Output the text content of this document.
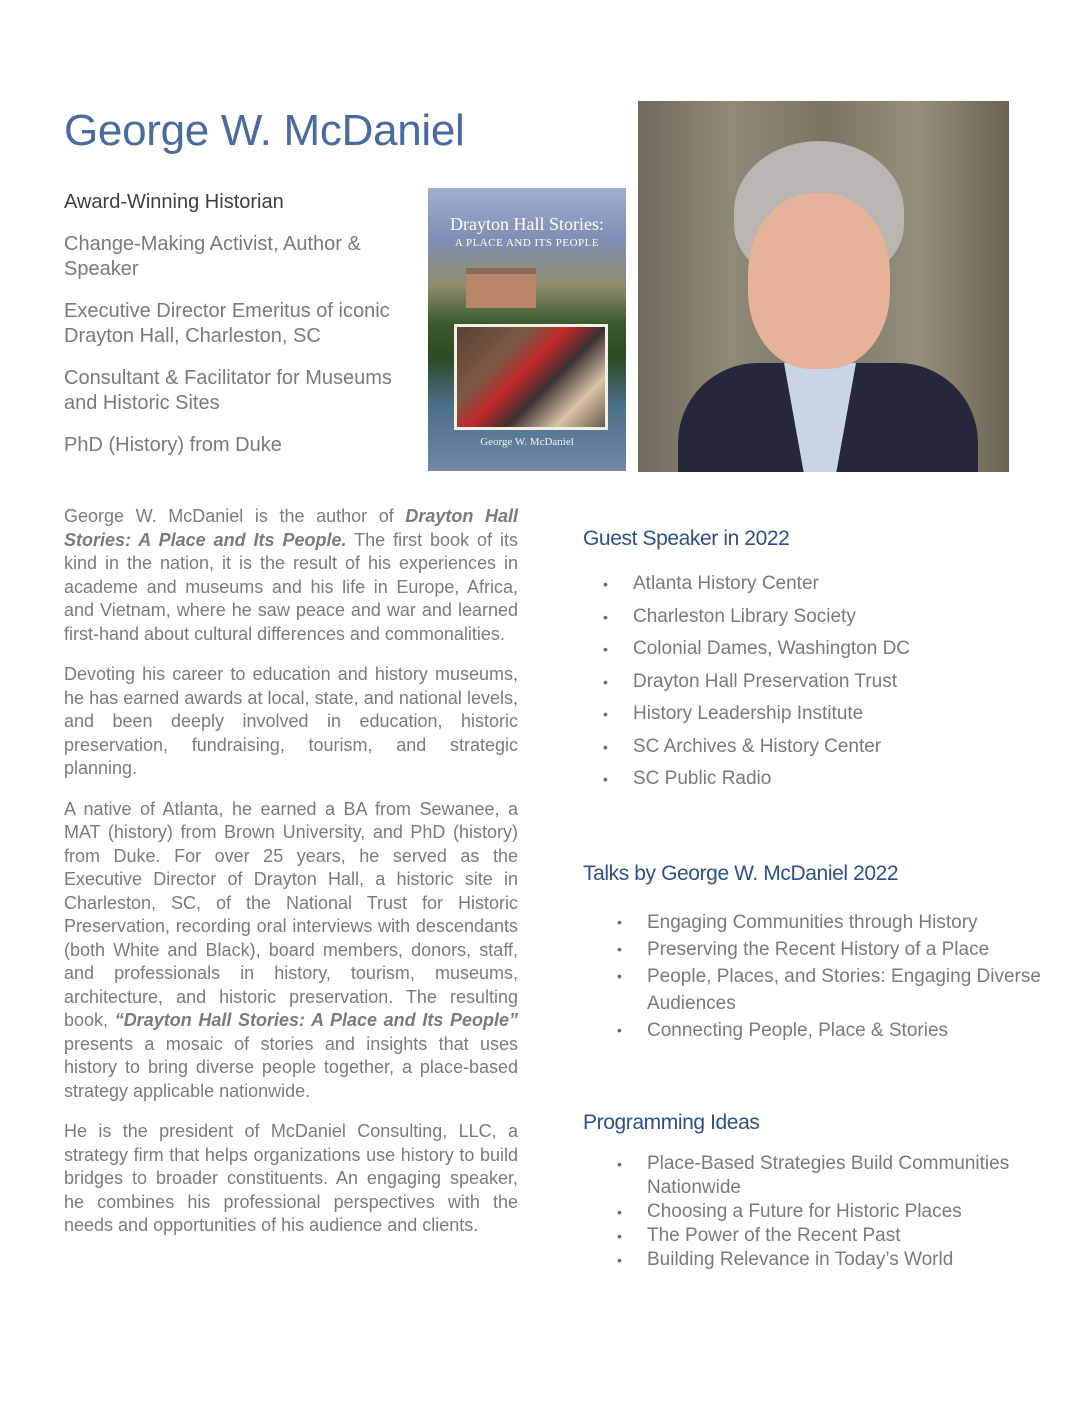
George W. McDaniel

Award-Winning Historian

Change-Making Activist, Author & Speaker

Executive Director Emeritus of iconic Drayton Hall, Charleston, SC

Consultant & Facilitator for Museums and Historic Sites

PhD (History) from Duke

Drayton Hall Stories:
A PLACE AND ITS PEOPLE
George W. McDaniel

George W. McDaniel is the author of Drayton Hall Stories: A Place and Its People. The first book of its kind in the nation, it is the result of his experiences in academe and museums and his life in Europe, Africa, and Vietnam, where he saw peace and war and learned first-hand about cultural differences and commonalities.

Devoting his career to education and history museums, he has earned awards at local, state, and national levels, and been deeply involved in education, historic preservation, fundraising, tourism, and strategic planning.

A native of Atlanta, he earned a BA from Sewanee, a MAT (history) from Brown University, and PhD (history) from Duke. For over 25 years, he served as the Executive Director of Drayton Hall, a historic site in Charleston, SC, of the National Trust for Historic Preservation, recording oral interviews with descendants (both White and Black), board members, donors, staff, and professionals in history, tourism, museums, architecture, and historic preservation. The resulting book, “Drayton Hall Stories: A Place and Its People” presents a mosaic of stories and insights that uses history to bring diverse people together, a place-based strategy applicable nationwide.

He is the president of McDaniel Consulting, LLC, a strategy firm that helps organizations use history to build bridges to broader constituents. An engaging speaker, he combines his professional perspectives with the needs and opportunities of his audience and clients.

Guest Speaker in 2022
• Atlanta History Center
• Charleston Library Society
• Colonial Dames, Washington DC
• Drayton Hall Preservation Trust
• History Leadership Institute
• SC Archives & History Center
• SC Public Radio
Talks by George W. McDaniel 2022
• Engaging Communities through History
• Preserving the Recent History of a Place
• People, Places, and Stories: Engaging Diverse Audiences
• Connecting People, Place & Stories
Programming Ideas
• Place-Based Strategies Build Communities Nationwide
• Choosing a Future for Historic Places
• The Power of the Recent Past
• Building Relevance in Today’s World
